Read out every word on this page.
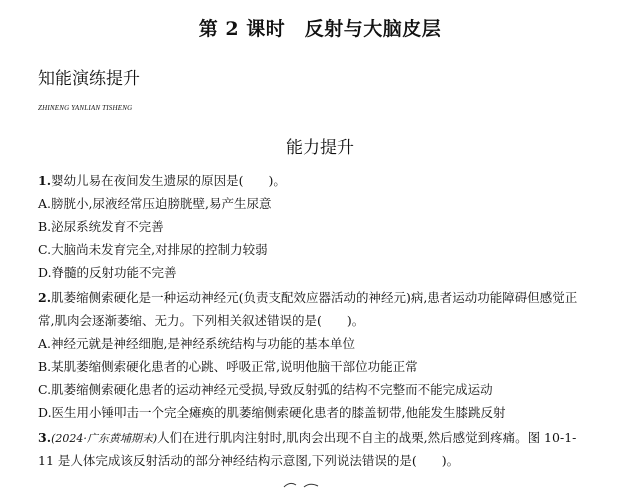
第 2 课时　反射与大脑皮层
知能演练提升
ZHINENG YANLIAN TISHENG
能力提升
1.婴幼儿易在夜间发生遗尿的原因是(　　)。
A.膀胱小,尿液经常压迫膀胱壁,易产生尿意
B.泌尿系统发育不完善
C.大脑尚未发育完全,对排尿的控制力较弱
D.脊髓的反射功能不完善
2.肌萎缩侧索硬化是一种运动神经元(负责支配效应器活动的神经元)病,患者运动功能障碍但感觉正
常,肌肉会逐渐萎缩、无力。下列相关叙述错误的是(　　)。
A.神经元就是神经细胞,是神经系统结构与功能的基本单位
B.某肌萎缩侧索硬化患者的心跳、呼吸正常,说明他脑干部位功能正常
C.肌萎缩侧索硬化患者的运动神经元受损,导致反射弧的结构不完整而不能完成运动
D.医生用小锤叩击一个完全瘫痪的肌萎缩侧索硬化患者的膝盖韧带,他能发生膝跳反射
3.(2024·广东黄埔期末)人们在进行肌肉注射时,肌肉会出现不自主的战栗,然后感觉到疼痛。图 10-1-
11 是人体完成该反射活动的部分神经结构示意图,下列说法错误的是(　　)。
